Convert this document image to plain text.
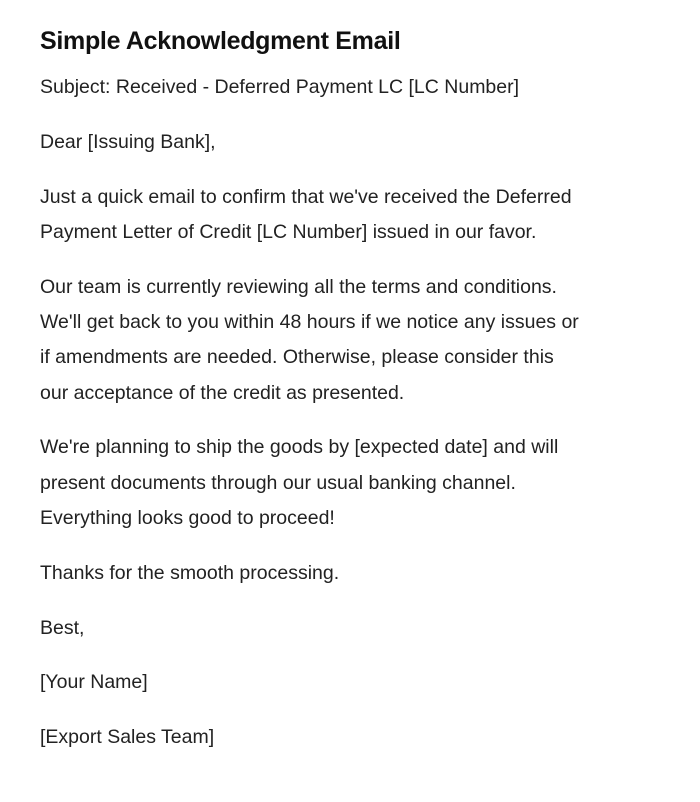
Simple Acknowledgment Email

Subject: Received - Deferred Payment LC [LC Number]

Dear [Issuing Bank],

Just a quick email to confirm that we've received the Deferred
Payment Letter of Credit [LC Number] issued in our favor.

Our team is currently reviewing all the terms and conditions.
We'll get back to you within 48 hours if we notice any issues or
if amendments are needed. Otherwise, please consider this
our acceptance of the credit as presented.

We're planning to ship the goods by [expected date] and will
present documents through our usual banking channel.
Everything looks good to proceed!

Thanks for the smooth processing.

Best,

[Your Name]

[Export Sales Team]
